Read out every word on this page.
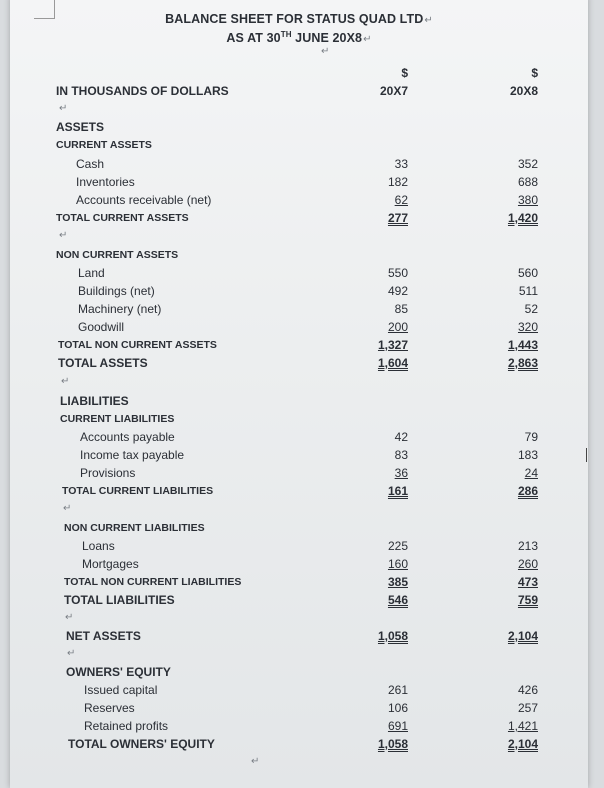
BALANCE SHEET FOR STATUS QUAD LTD↵
AS AT 30TH JUNE 20X8↵
↵
$	$
IN THOUSANDS OF DOLLARS	20X7	20X8
↵
ASSETS
CURRENT ASSETS
Cash	33	352
Inventories	182	688
Accounts receivable (net)	62	380
TOTAL CURRENT ASSETS	277	1,420
↵
NON CURRENT ASSETS
Land	550	560
Buildings (net)	492	511
Machinery (net)	85	52
Goodwill	200	320
TOTAL NON CURRENT ASSETS	1,327	1,443
TOTAL ASSETS	1,604	2,863
↵
LIABILITIES
CURRENT LIABILITIES
Accounts payable	42	79
Income tax payable	83	183
Provisions	36	24
TOTAL CURRENT LIABILITIES	161	286
↵
NON CURRENT LIABILITIES
Loans	225	213
Mortgages	160	260
TOTAL NON CURRENT LIABILITIES	385	473
TOTAL LIABILITIES	546	759
↵
NET ASSETS	1,058	2,104
↵
OWNERS' EQUITY
Issued capital	261	426
Reserves	106	257
Retained profits	691	1,421
TOTAL OWNERS' EQUITY	1,058	2,104
↵
